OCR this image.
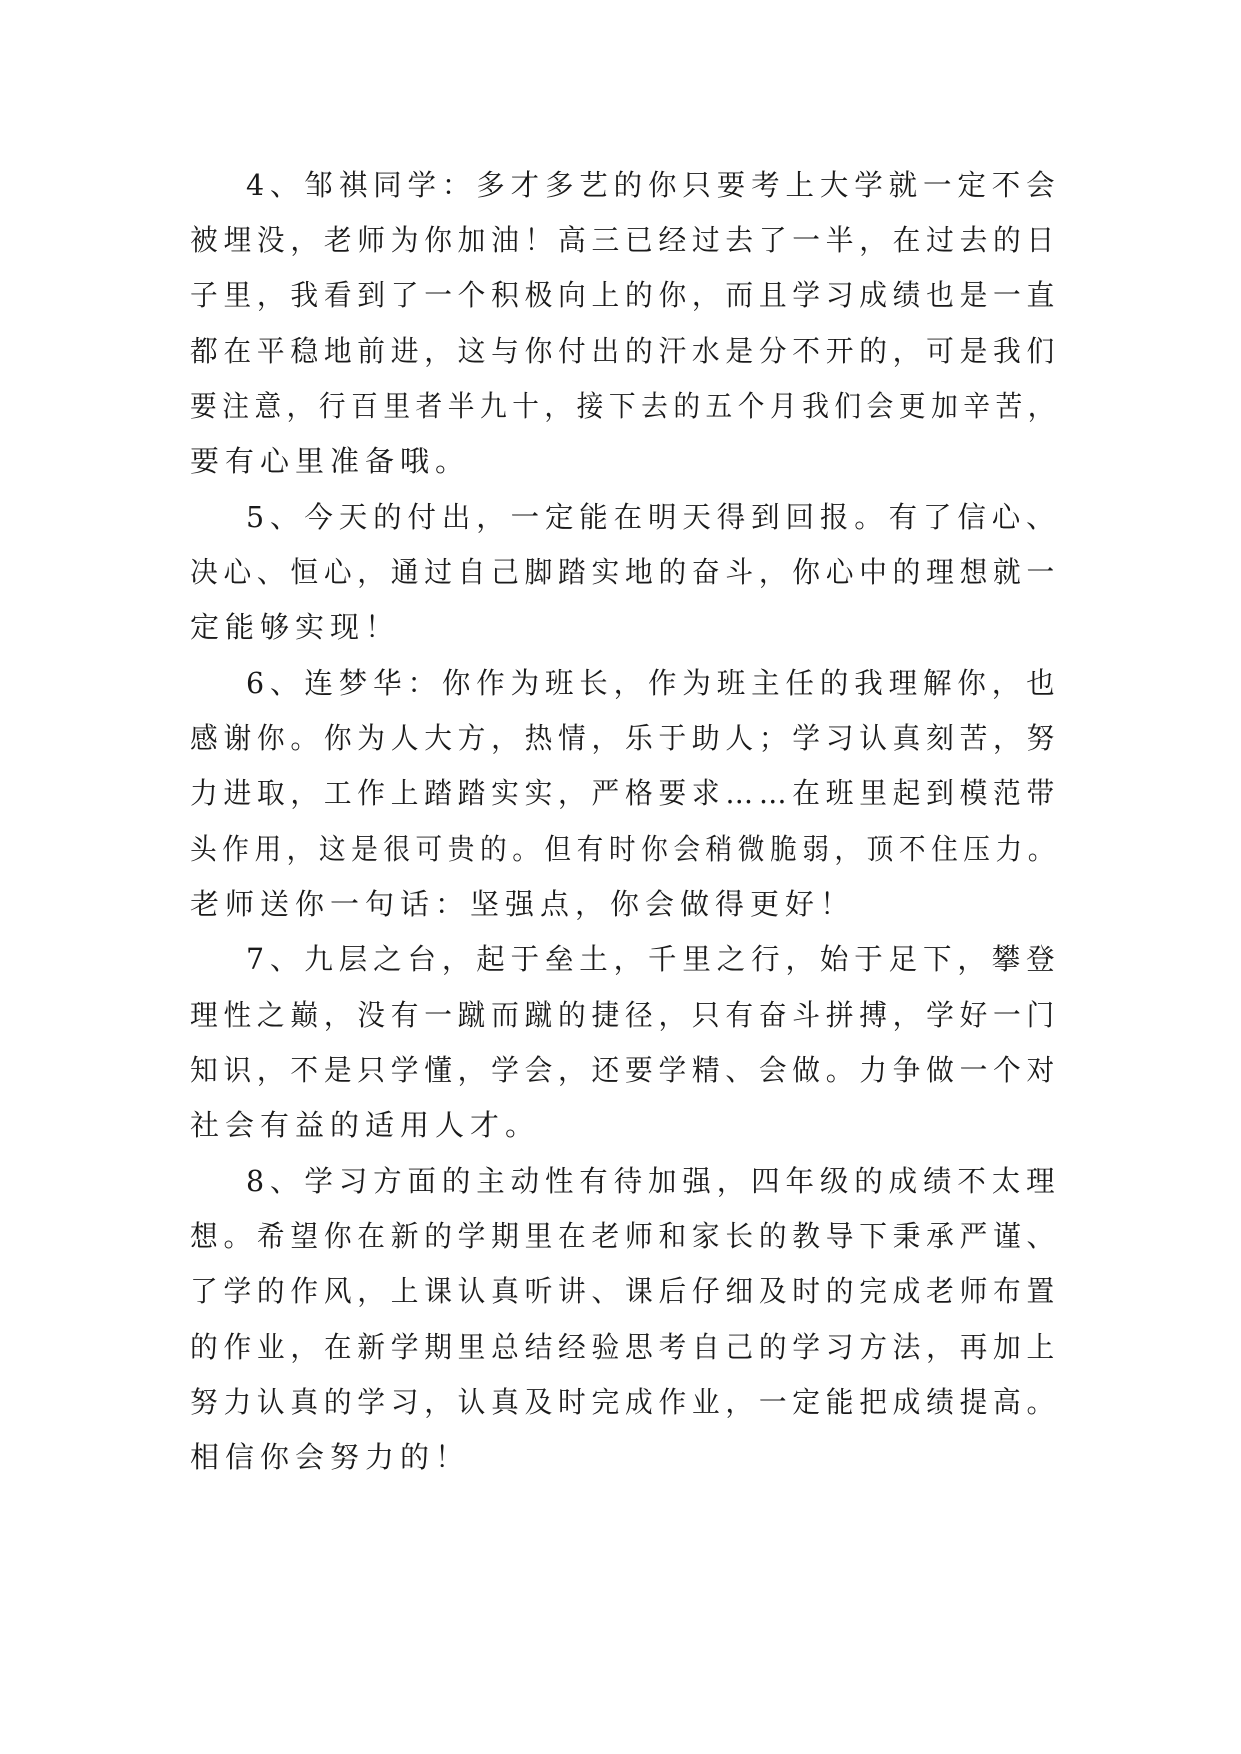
4、邹祺同学：多才多艺的你只要考上大学就一定不会
被埋没，老师为你加油！高三已经过去了一半，在过去的日
子里，我看到了一个积极向上的你，而且学习成绩也是一直
都在平稳地前进，这与你付出的汗水是分不开的，可是我们
要注意，行百里者半九十，接下去的五个月我们会更加辛苦，
要有心里准备哦。
5、今天的付出，一定能在明天得到回报。有了信心、
决心、恒心，通过自己脚踏实地的奋斗，你心中的理想就一
定能够实现！
6、连梦华：你作为班长，作为班主任的我理解你，也
感谢你。你为人大方，热情，乐于助人；学习认真刻苦，努
力进取，工作上踏踏实实，严格要求……在班里起到模范带
头作用，这是很可贵的。但有时你会稍微脆弱，顶不住压力。
老师送你一句话：坚强点，你会做得更好！
7、九层之台，起于垒土，千里之行，始于足下，攀登
理性之巅，没有一蹴而蹴的捷径，只有奋斗拼搏，学好一门
知识，不是只学懂，学会，还要学精、会做。力争做一个对
社会有益的适用人才。
8、学习方面的主动性有待加强，四年级的成绩不太理
想。希望你在新的学期里在老师和家长的教导下秉承严谨、
了学的作风，上课认真听讲、课后仔细及时的完成老师布置
的作业，在新学期里总结经验思考自己的学习方法，再加上
努力认真的学习，认真及时完成作业，一定能把成绩提高。
相信你会努力的！
